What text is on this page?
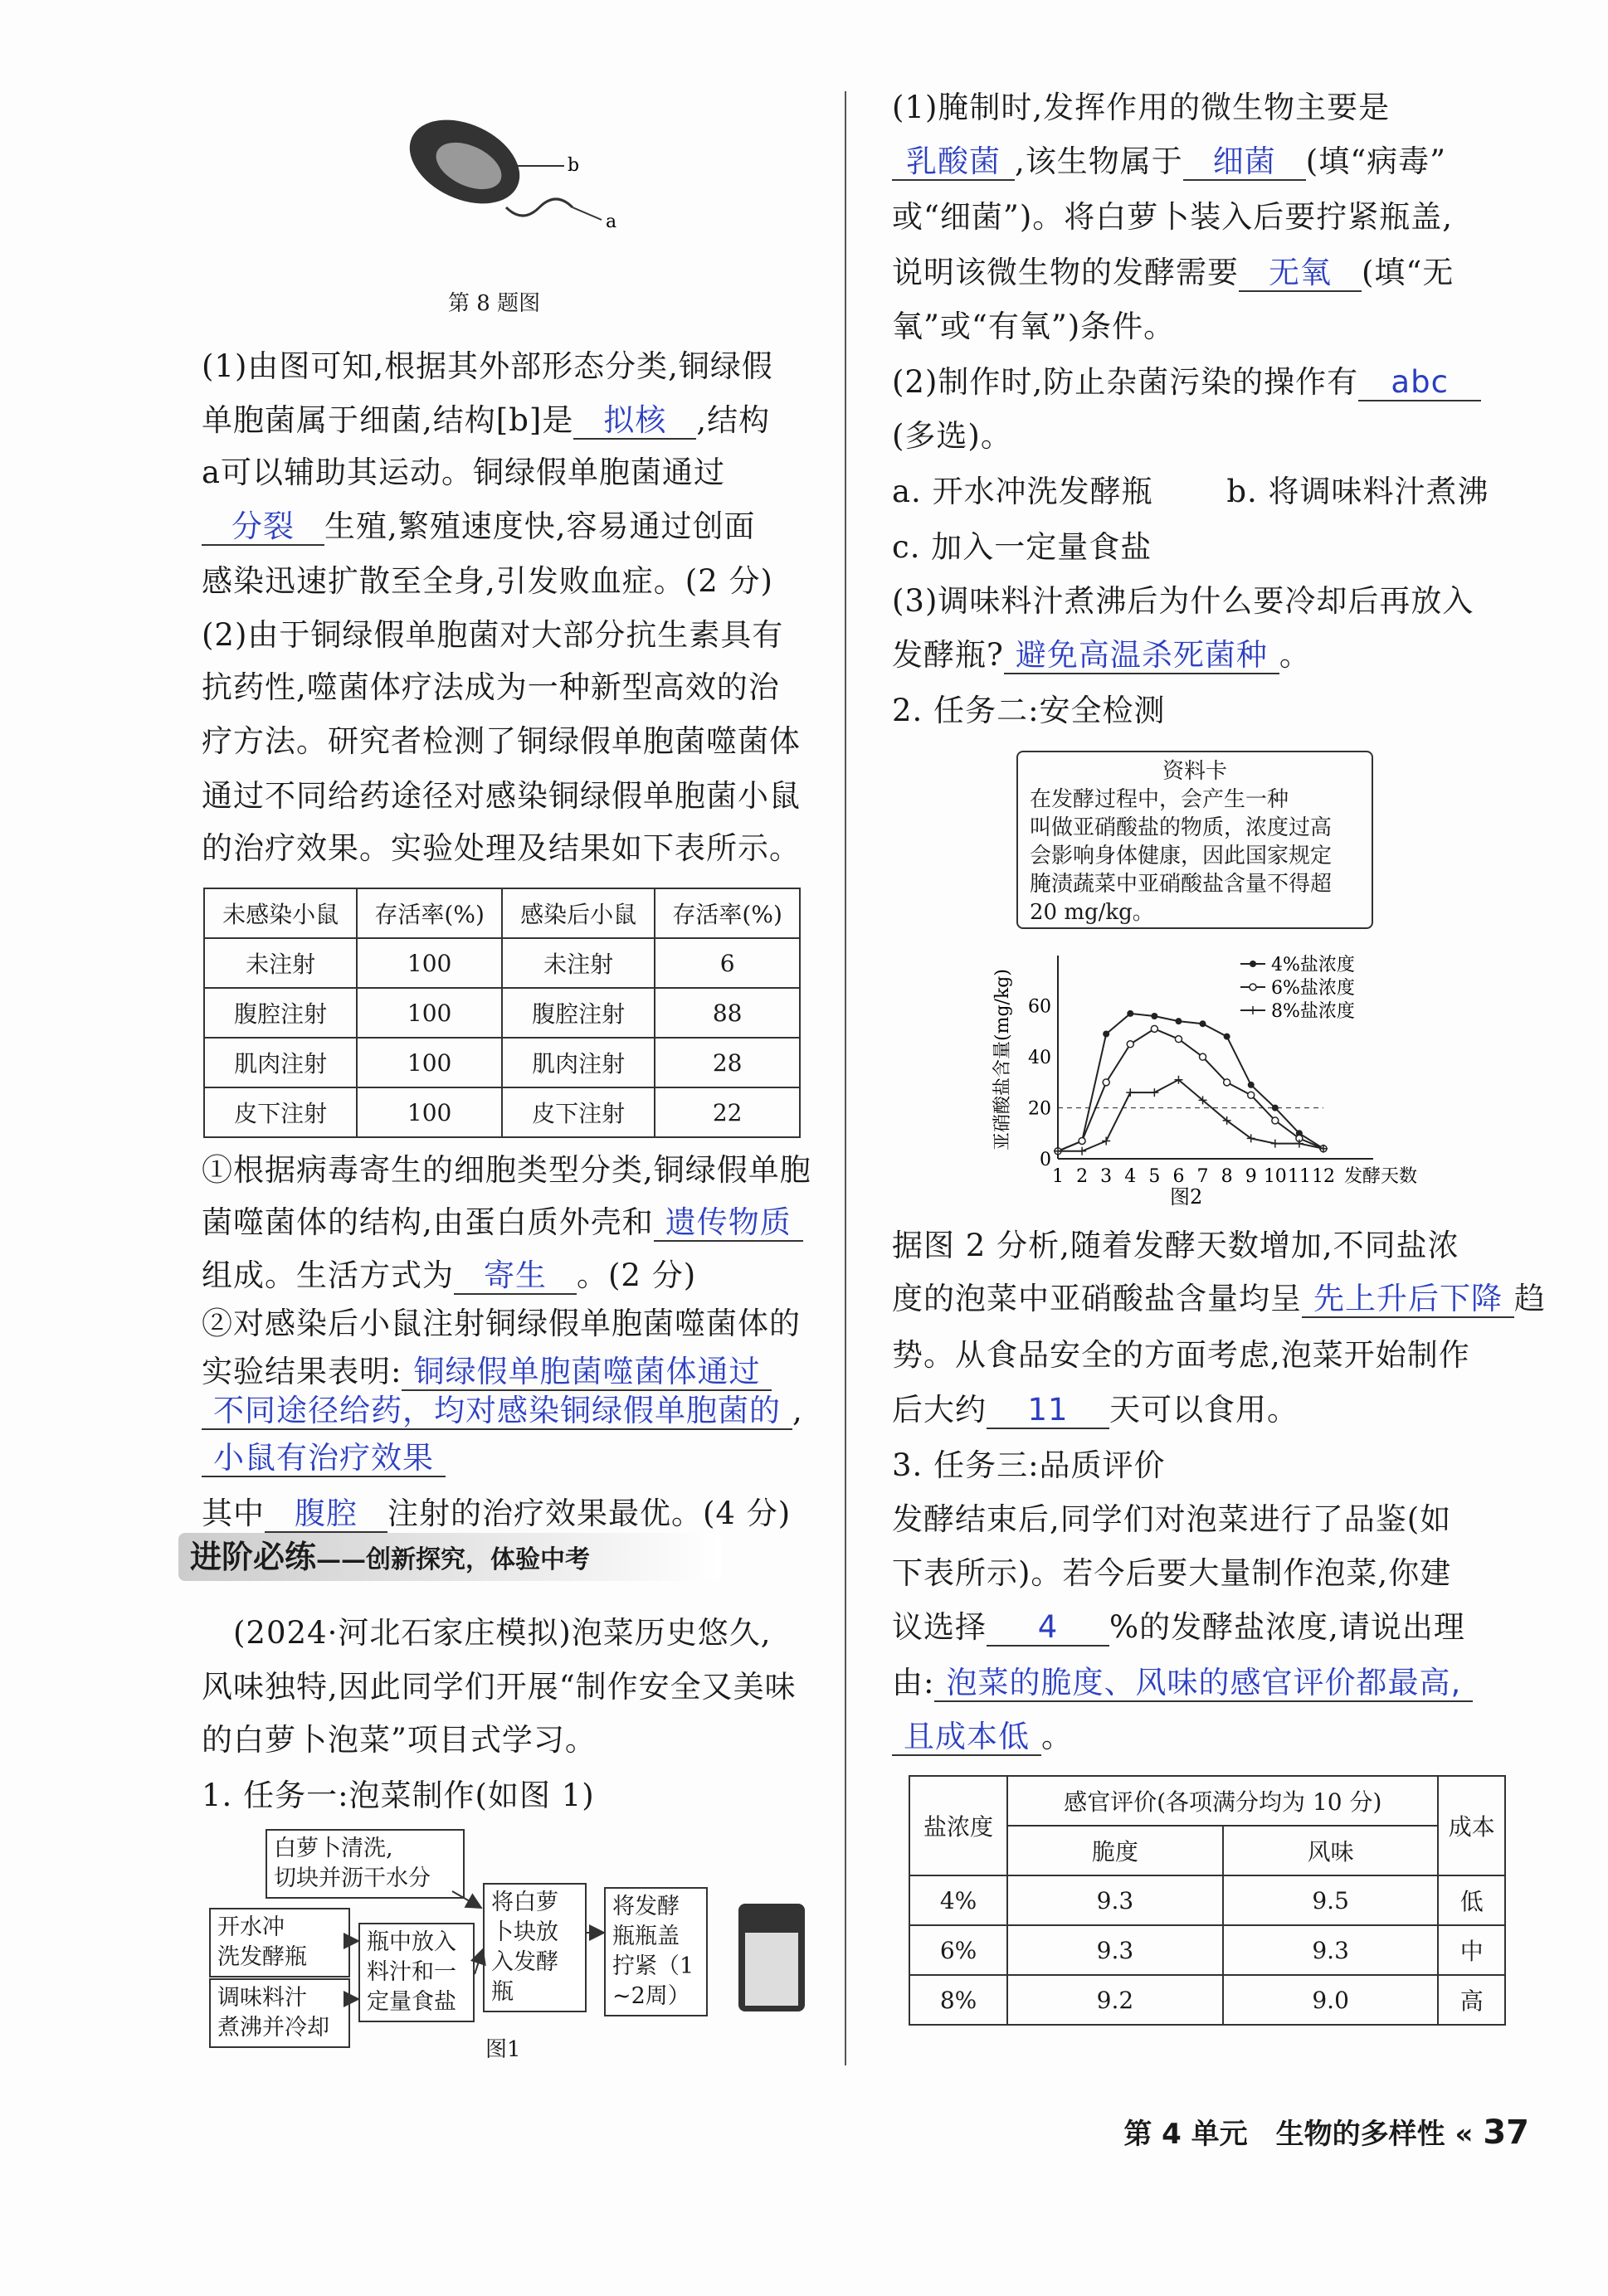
b
a
第 8 题图
(1)由图可知,根据其外部形态分类,铜绿假
单胞菌属于细菌,结构[b]是 拟核 ,结构
a可以辅助其运动。铜绿假单胞菌通过
分裂 生殖,繁殖速度快,容易通过创面
感染迅速扩散至全身,引发败血症。(2 分)
(2)由于铜绿假单胞菌对大部分抗生素具有
抗药性,噬菌体疗法成为一种新型高效的治
疗方法。研究者检测了铜绿假单胞菌噬菌体
通过不同给药途径对感染铜绿假单胞菌小鼠
的治疗效果。实验处理及结果如下表所示。
①根据病毒寄生的细胞类型分类,铜绿假单胞
菌噬菌体的结构,由蛋白质外壳和 遗传物质
组成。生活方式为 寄生 。(2 分)
②对感染后小鼠注射铜绿假单胞菌噬菌体的
实验结果表明: 铜绿假单胞菌噬菌体通过
不同途径给药，均对感染铜绿假单胞菌的 ,
小鼠有治疗效果
其中 腹腔 注射的治疗效果最优。(4 分)
　(2024·河北石家庄模拟)泡菜历史悠久,
风味独特,因此同学们开展“制作安全又美味
的白萝卜泡菜”项目式学习。
1. 任务一:泡菜制作(如图 1)
(1)腌制时,发挥作用的微生物主要是
乳酸菌 ,该生物属于 细菌 (填“病毒”
或“细菌”)。将白萝卜装入后要拧紧瓶盖,
说明该微生物的发酵需要 无氧 (填“无
氧”或“有氧”)条件。
(2)制作时,防止杂菌污染的操作有 abc
(多选)。
a. 开水冲洗发酵瓶　　 b. 将调味料汁煮沸
c. 加入一定量食盐
(3)调味料汁煮沸后为什么要冷却后再放入
发酵瓶? 避免高温杀死菌种 。
2. 任务二:安全检测
据图 2 分析,随着发酵天数增加,不同盐浓
度的泡菜中亚硝酸盐含量均呈 先上升后下降 趋
势。从食品安全的方面考虑,泡菜开始制作
后大约 11 天可以食用。
3. 任务三:品质评价
发酵结束后,同学们对泡菜进行了品鉴(如
下表所示)。若今后要大量制作泡菜,你建
议选择 4 %的发酵盐浓度,请说出理
由: 泡菜的脆度、风味的感官评价都最高,
且成本低 。
未感染小鼠	存活率(%)	感染后小鼠	存活率(%)
未注射	100	未注射	6
腹腔注射	100	腹腔注射	88
肌肉注射	100	肌肉注射	28
皮下注射	100	皮下注射	22
进阶必练——创新探究，体验中考
白萝卜清洗,
切块并沥干水分
开水冲
洗发酵瓶
调味料汁
煮沸并冷却
瓶中放入
料汁和一
定量食盐
将白萝
卜块放
入发酵
瓶
将发酵
瓶瓶盖
拧紧（1
~2周）
图1
资料卡
在发酵过程中，会产生一种
叫做亚硝酸盐的物质，浓度过高
会影响身体健康，因此国家规定
腌渍蔬菜中亚硝酸盐含量不得超
20 mg/kg。
0
20
40
60
1 2 3 4 5 6 7 8 9 10 11 12 发酵天数
亚硝酸盐含量(mg/kg)
图2
4%盐浓度
6%盐浓度
8%盐浓度
盐浓度	感官评价(各项满分均为 10 分)		成本
	脆度	风味	
4%	9.3	9.5	低
6%	9.3	9.3	中
8%	9.2	9.0	高
第 4 单元　生物的多样性 « 37
